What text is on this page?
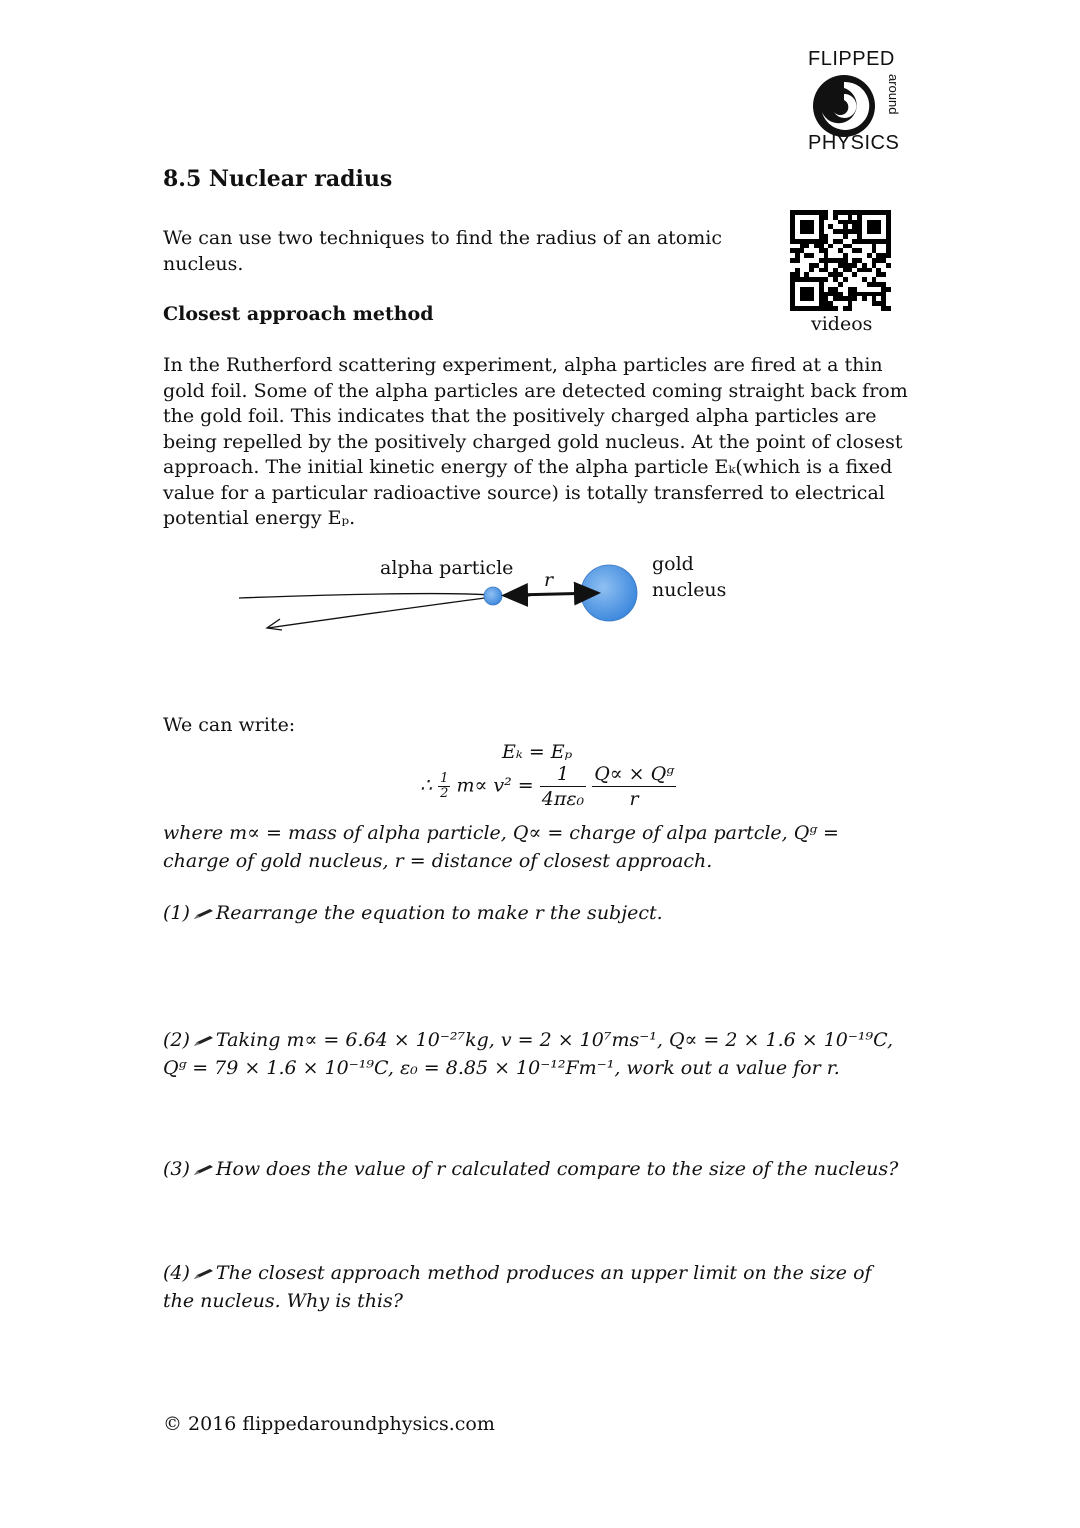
FLIPPED
around
PHYSICS
videos
8.5 Nuclear radius
We can use two techniques to find the radius of an atomic nucleus.
Closest approach method
In the Rutherford scattering experiment, alpha particles are fired at a thin gold foil. Some of the alpha particles are detected coming straight back from the gold foil. This indicates that the positively charged alpha particles are being repelled by the positively charged gold nucleus. At the point of closest approach. The initial kinetic energy of the alpha particle Eₖ(which is a fixed value for a particular radioactive source) is totally transferred to electrical potential energy Eₚ.
alpha particle
r
gold
nucleus
We can write:
Eₖ = Eₚ
∴ $\frac{1}{2} m\propto v^2 = \frac{1}{\text{4πε₀}}$
$\frac{\text{Q∝ × Qᵍ}}{r}$
where m∝ = mass of alpha particle, Q∝ = charge of alpa partcle, Qᵍ = charge of gold nucleus, r = distance of closest approach.
(1) Rearrange the equation to make r the subject.
(2) Taking m∝ = 6.64 × 10⁻²⁷kg, v = 2 × 10⁷ms⁻¹, Q∝ = 2 × 1.6 × 10⁻¹⁹C, Qᵍ = 79 × 1.6 × 10⁻¹⁹C, ε₀ = 8.85 × 10⁻¹²Fm⁻¹, work out a value for r.
(3) How does the value of r calculated compare to the size of the nucleus?
(4) The closest approach method produces an upper limit on the size of the nucleus. Why is this?
© 2016 flippedaroundphysics.com
